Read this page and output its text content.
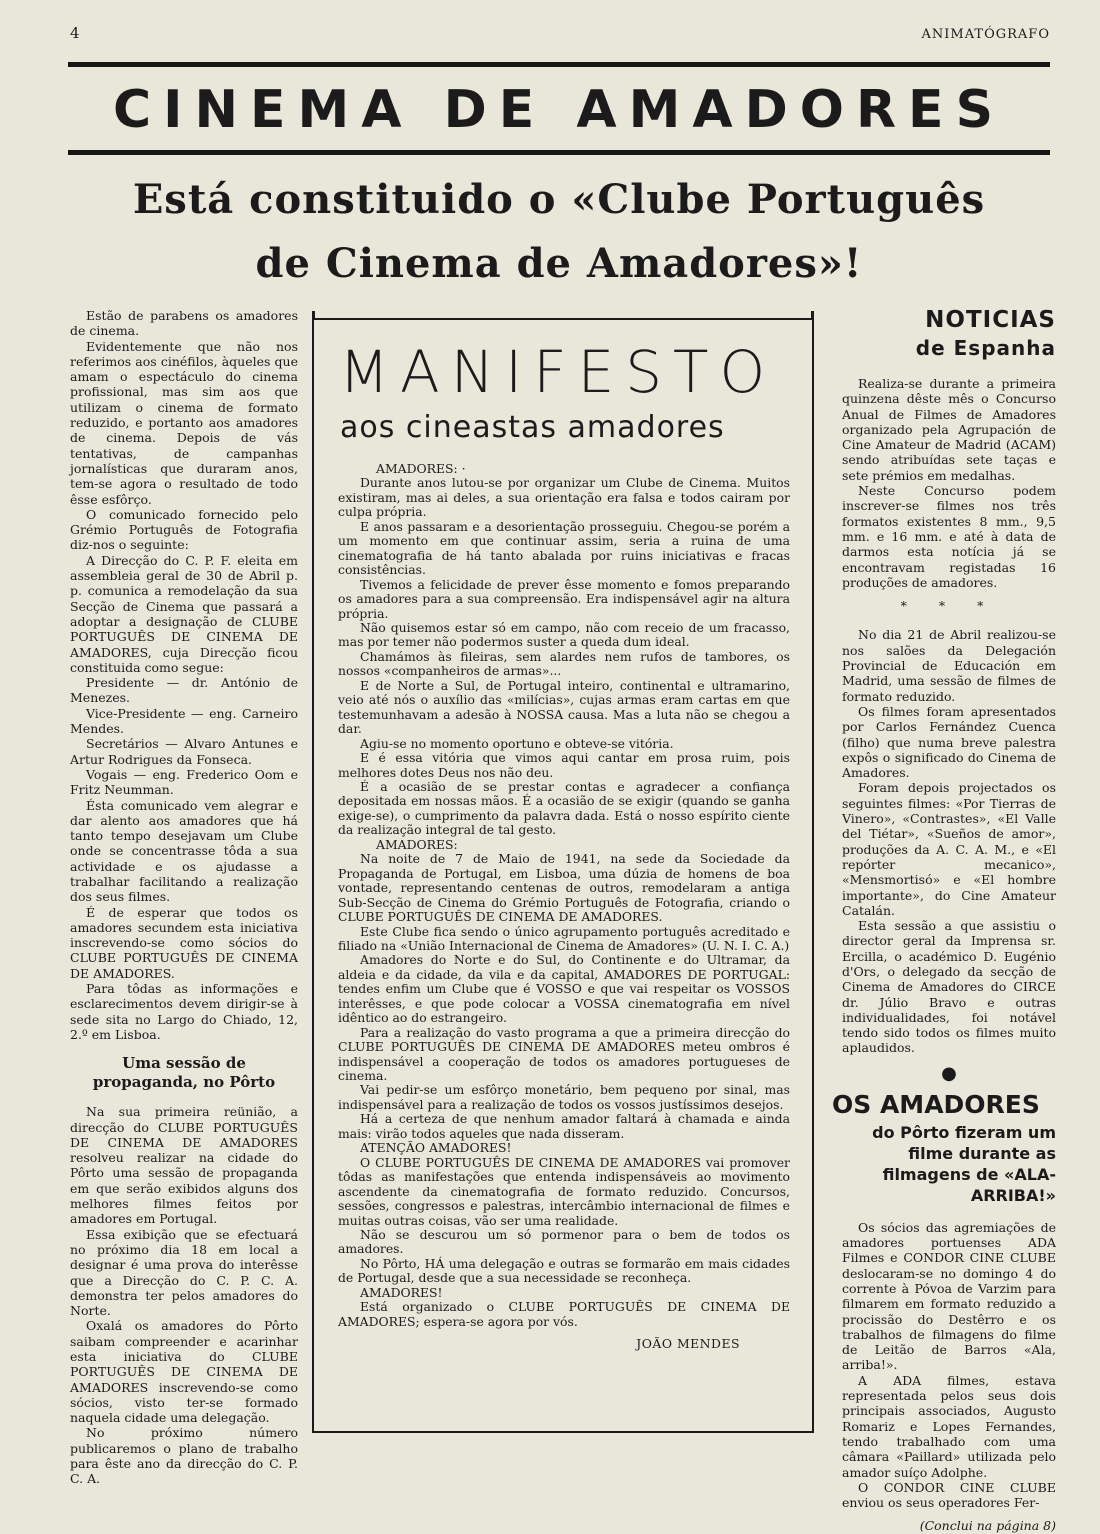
4	ANIMATÓGRAFO
CINEMA DE AMADORES
Está constituido o «Clube Português
de Cinema de Amadores»!

Estão de parabens os amadores de cinema.

Evidentemente que não nos referimos aos cinéfilos, àqueles que amam o espectáculo do cinema profissional, mas sim aos que utilizam o cinema de formato reduzido, e portanto aos amadores de cinema. Depois de vás tentativas, de campanhas jornalísticas que duraram anos, tem-se agora o resultado de todo êsse esfôrço.

O comunicado fornecido pelo Grémio Português de Fotografia diz-nos o seguinte:

A Direcção do C. P. F. eleita em assembleia geral de 30 de Abril p. p. comunica a remodelação da sua Secção de Cinema que passará a adoptar a designação de CLUBE PORTUGUÊS DE CINEMA DE AMADORES, cuja Direcção ficou constituida como segue:

Presidente — dr. António de Menezes.

Vice-Presidente — eng. Carneiro Mendes.

Secretários — Alvaro Antunes e Artur Rodrigues da Fonseca.

Vogais — eng. Frederico Oom e Fritz Neumman.

Ésta comunicado vem alegrar e dar alento aos amadores que há tanto tempo desejavam um Clube onde se concentrasse tôda a sua actividade e os ajudasse a trabalhar facilitando a realização dos seus filmes.

É de esperar que todos os amadores secundem esta iniciativa inscrevendo-se como sócios do CLUBE PORTUGUÊS DE CINEMA DE AMADORES.

Para tôdas as informações e esclarecimentos devem dirigir-se à sede sita no Largo do Chiado, 12, 2.º em Lisboa.

Uma sessão de propaganda, no Pôrto

Na sua primeira reünião, a direcção do CLUBE PORTUGUÊS DE CINEMA DE AMADORES resolveu realizar na cidade do Pôrto uma sessão de propaganda em que serão exibidos alguns dos melhores filmes feitos por amadores em Portugal.

Essa exibição que se efectuará no próximo dia 18 em local a designar é uma prova do interêsse que a Direcção do C. P. C. A. demonstra ter pelos amadores do Norte.

Oxalá os amadores do Pôrto saibam compreender e acarinhar esta iniciativa do CLUBE PORTUGUÊS DE CINEMA DE AMADORES inscrevendo-se como sócios, visto ter-se formado naquela cidade uma delegação.

No próximo número publicaremos o plano de trabalho para êste ano da direcção do C. P. C. A.

MANIFESTO
aos cineastas amadores

AMADORES: ·

Durante anos lutou-se por organizar um Clube de Cinema. Muitos existiram, mas ai deles, a sua orientação era falsa e todos cairam por culpa própria.

E anos passaram e a desorientação prosseguiu. Chegou-se porém a um momento em que continuar assim, seria a ruina de uma cinematografia de há tanto abalada por ruins iniciativas e fracas consistências.

Tivemos a felicidade de prever êsse momento e fomos preparando os amadores para a sua compreensão. Era indispensável agir na altura própria.

Não quisemos estar só em campo, não com receio de um fracasso, mas por temer não podermos suster a queda dum ideal.

Chamámos às fileiras, sem alardes nem rufos de tambores, os nossos «companheiros de armas»...

E de Norte a Sul, de Portugal inteiro, continental e ultramarino, veio até nós o auxílio das «milícias», cujas armas eram cartas em que testemunhavam a adesão à NOSSA causa. Mas a luta não se chegou a dar.

Agiu-se no momento oportuno e obteve-se vitória.

E é essa vitória que vimos aqui cantar em prosa ruim, pois melhores dotes Deus nos não deu.

É a ocasião de se prestar contas e agradecer a confiança depositada em nossas mãos. É a ocasião de se exigir (quando se ganha exige-se), o cumprimento da palavra dada. Está o nosso espírito ciente da realização integral de tal gesto.

AMADORES:

Na noite de 7 de Maio de 1941, na sede da Sociedade da Propaganda de Portugal, em Lisboa, uma dúzia de homens de boa vontade, representando centenas de outros, remodelaram a antiga Sub-Secção de Cinema do Grémio Português de Fotografia, criando o CLUBE PORTUGUÊS DE CINEMA DE AMADORES.

Este Clube fica sendo o único agrupamento português acreditado e filiado na «União Internacional de Cinema de Amadores» (U. N. I. C. A.)

Amadores do Norte e do Sul, do Continente e do Ultramar, da aldeia e da cidade, da vila e da capital, AMADORES DE PORTUGAL: tendes enfim um Clube que é VOSSO e que vai respeitar os VOSSOS interêsses, e que pode colocar a VOSSA cinematografia em nível idêntico ao do estrangeiro.

Para a realização do vasto programa a que a primeira direcção do CLUBE PORTUGUÊS DE CINEMA DE AMADORES meteu ombros é indispensável a cooperação de todos os amadores portugueses de cinema.

Vai pedir-se um esfôrço monetário, bem pequeno por sinal, mas indispensável para a realização de todos os vossos justíssimos desejos.

Há a certeza de que nenhum amador faltará à chamada e ainda mais: virão todos aqueles que nada disseram.

ATENÇÃO AMADORES!

O CLUBE PORTUGUÊS DE CINEMA DE AMADORES vai promover tôdas as manifestações que entenda indispensáveis ao movimento ascendente da cinematografia de formato reduzido. Concursos, sessões, congressos e palestras, intercâmbio internacional de filmes e muitas outras coisas, vão ser uma realidade.

Não se descurou um só pormenor para o bem de todos os amadores.

No Pôrto, HÁ uma delegação e outras se formarão em mais cidades de Portugal, desde que a sua necessidade se reconheça.

AMADORES!

Está organizado o CLUBE PORTUGUÊS DE CINEMA DE AMADORES; espera-se agora por vós.

JOÃO MENDES
NOTICIAS
de Espanha

Realiza-se durante a primeira quinzena dêste mês o Concurso Anual de Filmes de Amadores organizado pela Agrupación de Cine Amateur de Madrid (ACAM) sendo atribuídas sete taças e sete prémios em medalhas.

Neste Concurso podem inscrever-se filmes nos três formatos existentes 8 mm., 9,5 mm. e 16 mm. e até à data de darmos esta notícia já se encontravam registadas 16 produções de amadores.

* * *

No dia 21 de Abril realizou-se nos salões da Delegación Provincial de Educación em Madrid, uma sessão de filmes de formato reduzido.

Os filmes foram apresentados por Carlos Fernández Cuenca (filho) que numa breve palestra expôs o significado do Cinema de Amadores.

Foram depois projectados os seguintes filmes: «Por Tierras de Vinero», «Contrastes», «El Valle del Tiétar», «Sueños de amor», produções da A. C. A. M., e «El repórter mecanico», «Mensmortisó» e «El hombre importante», do Cine Amateur Catalán.

Esta sessão a que assistiu o director geral da Imprensa sr. Ercilla, o académico D. Eugénio d'Ors, o delegado da secção de Cinema de Amadores do CIRCE dr. Júlio Bravo e outras individualidades, foi notável tendo sido todos os filmes muito aplaudidos.

●
OS AMADORES
do Pôrto fizeram um filme durante as filmagens de «ALA-ARRIBA!»

Os sócios das agremiações de amadores portuenses ADA Filmes e CONDOR CINE CLUBE deslocaram-se no domingo 4 do corrente à Póvoa de Varzim para filmarem em formato reduzido a procissão do Destêrro e os trabalhos de filmagens do filme de Leitão de Barros «Ala, arriba!».

A ADA filmes, estava representada pelos seus dois principais associados, Augusto Romariz e Lopes Fernandes, tendo trabalhado com uma câmara «Paillard» utilizada pelo amador suíço Adolphe.

O CONDOR CINE CLUBE enviou os seus operadores Fer-

(Conclui na página 8)
